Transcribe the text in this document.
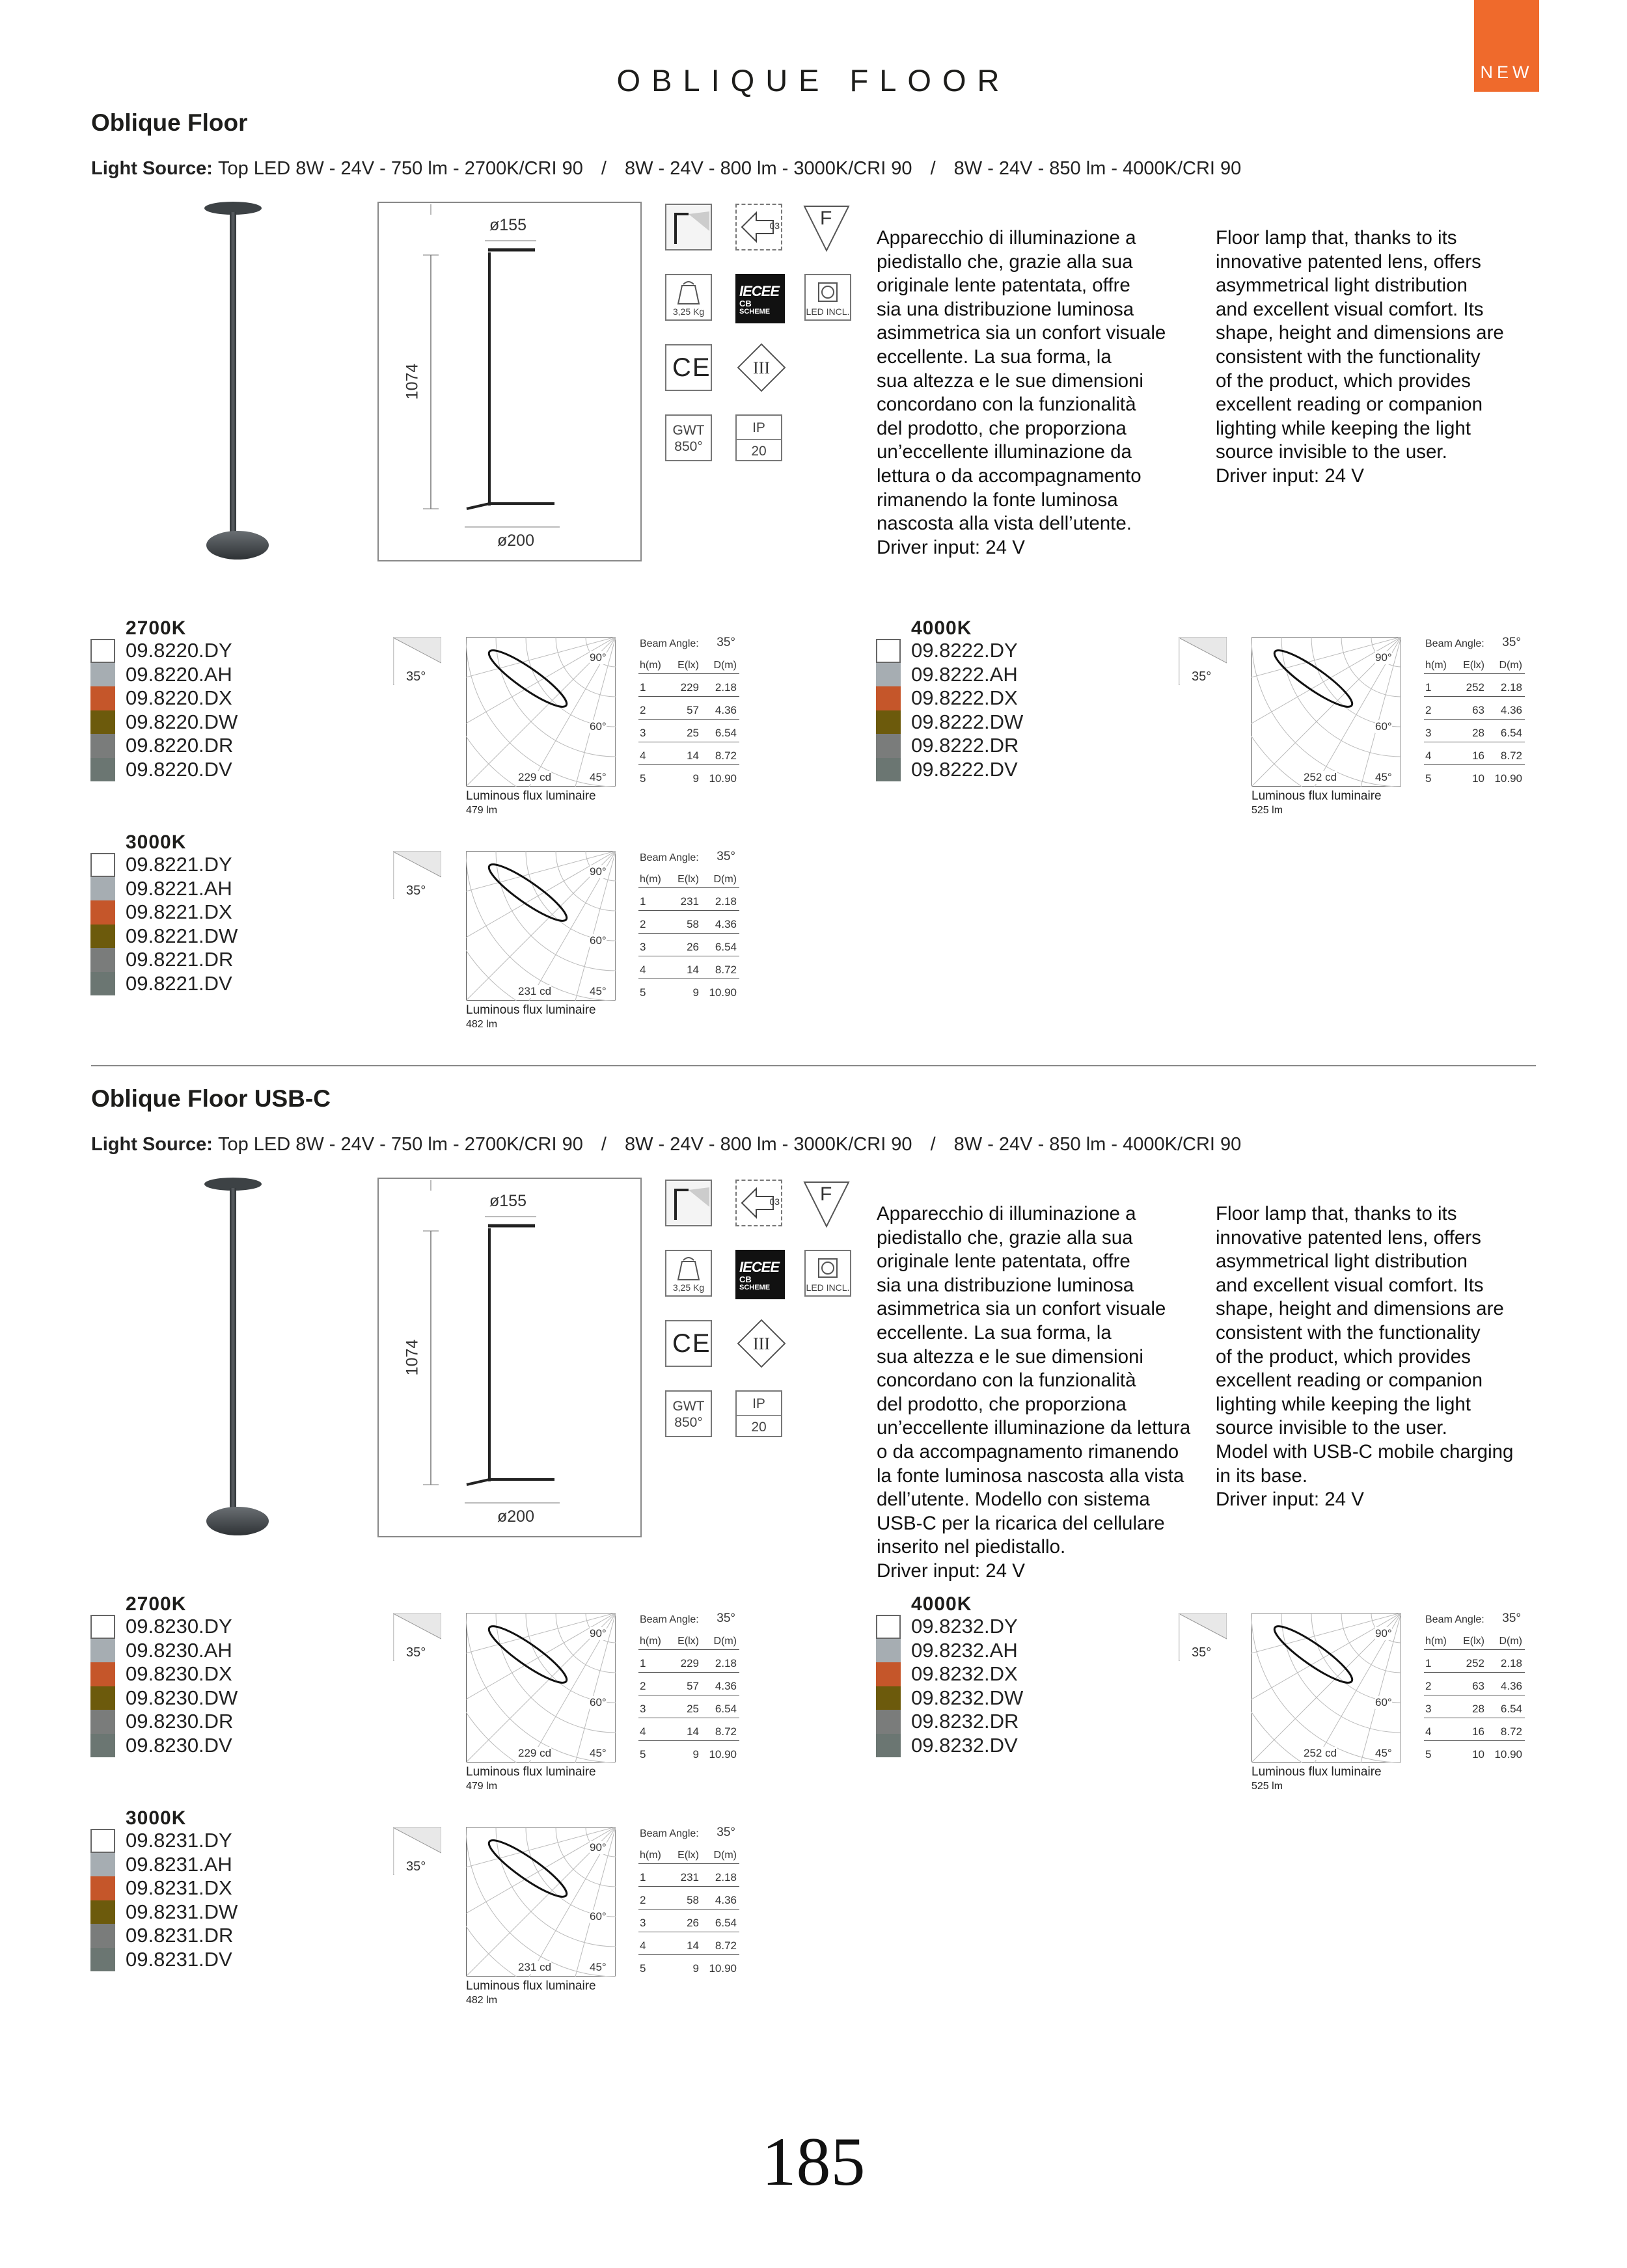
NEW
OBLIQUE FLOOR
Oblique Floor
Light Source: Top LED 8W - 24V - 750 lm - 2700K/CRI 90 / 8W - 24V - 800 lm - 3000K/CRI 90 / 8W - 24V - 850 lm - 4000K/CRI 90
ø155
1074
ø200
03 F
3,25 Kg
CB
IECEE
SCHEME	LED INCL.
CE	III
GWT
850°
IP
20
Apparecchio di illuminazione a
piedistallo che, grazie alla sua
originale lente patentata, offre
sia una distribuzione luminosa
asimmetrica sia un confort visuale
eccellente. La sua forma, la
sua altezza e le sue dimensioni
concordano con la funzionalità
del prodotto, che proporziona
un’eccellente illuminazione da
lettura o da accompagnamento
rimanendo la fonte luminosa
nascosta alla vista dell’utente.
Driver input: 24 V
Floor lamp that, thanks to its
innovative patented lens, offers
asymmetrical light distribution
and excellent visual comfort. Its
shape, height and dimensions are
consistent with the functionality
of the product, which provides
excellent reading or companion
lighting while keeping the light
source invisible to the user.
Driver input: 24 V
2700K
09.8220.DY
09.8220.AH
09.8220.DX
09.8220.DW
09.8220.DR
09.8220.DV
35°
90°
60°
45°
229 cd
Luminous flux luminaire
479 lm
Beam Angle: 35°
h(m) E(lx) D(m)
1	229 2.18
2	57 4.36
3	25 6.54
4	14 8.72
5	9 10.90
3000K
09.8221.DY
09.8221.AH
09.8221.DX
09.8221.DW
09.8221.DR
09.8221.DV
35°
90°
60°
45°
231 cd
Luminous flux luminaire
482 lm
Beam Angle: 35°
h(m) E(lx) D(m)
1	231 2.18
2	58 4.36
3	26 6.54
4	14 8.72
5	9 10.90
4000K
09.8222.DY
09.8222.AH
09.8222.DX
09.8222.DW
09.8222.DR
09.8222.DV
35°
90°
60°
45°
252 cd
Luminous flux luminaire
525 lm
Beam Angle: 35°
h(m) E(lx) D(m)
1	252 2.18
2	63 4.36
3	28 6.54
4	16 8.72
5	10 10.90
Oblique Floor USB-C
Light Source: Top LED 8W - 24V - 750 lm - 2700K/CRI 90 / 8W - 24V - 800 lm - 3000K/CRI 90 / 8W - 24V - 850 lm - 4000K/CRI 90
ø155
1074
ø200
03 F
3,25 Kg
CB
IECEE
SCHEME	LED INCL.
CE	III
GWT
850°
IP
20
Apparecchio di illuminazione a
piedistallo che, grazie alla sua
originale lente patentata, offre
sia una distribuzione luminosa
asimmetrica sia un confort visuale
eccellente. La sua forma, la
sua altezza e le sue dimensioni
concordano con la funzionalità
del prodotto, che proporziona
un’eccellente illuminazione da lettura
o da accompagnamento rimanendo
la fonte luminosa nascosta alla vista
dell’utente. Modello con sistema
USB-C per la ricarica del cellulare
inserito nel piedistallo.
Driver input: 24 V
Floor lamp that, thanks to its
innovative patented lens, offers
asymmetrical light distribution
and excellent visual comfort. Its
shape, height and dimensions are
consistent with the functionality
of the product, which provides
excellent reading or companion
lighting while keeping the light
source invisible to the user.
Model with USB-C mobile charging
in its base.
Driver input: 24 V
2700K
09.8230.DY
09.8230.AH
09.8230.DX
09.8230.DW
09.8230.DR
09.8230.DV
35°
90°
60°
45°
229 cd
Luminous flux luminaire
479 lm
Beam Angle: 35°
h(m) E(lx) D(m)
1	229 2.18
2	57 4.36
3	25 6.54
4	14 8.72
5	9 10.90
3000K
09.8231.DY
09.8231.AH
09.8231.DX
09.8231.DW
09.8231.DR
09.8231.DV
35°
90°
60°
45°
231 cd
Luminous flux luminaire
482 lm
Beam Angle: 35°
h(m) E(lx) D(m)
1	231 2.18
2	58 4.36
3	26 6.54
4	14 8.72
5	9 10.90
4000K
09.8232.DY
09.8232.AH
09.8232.DX
09.8232.DW
09.8232.DR
09.8232.DV
35°
90°
60°
45°
252 cd
Luminous flux luminaire
525 lm
Beam Angle: 35°
h(m) E(lx) D(m)
1	252 2.18
2	63 4.36
3	28 6.54
4	16 8.72
5	10 10.90
185
